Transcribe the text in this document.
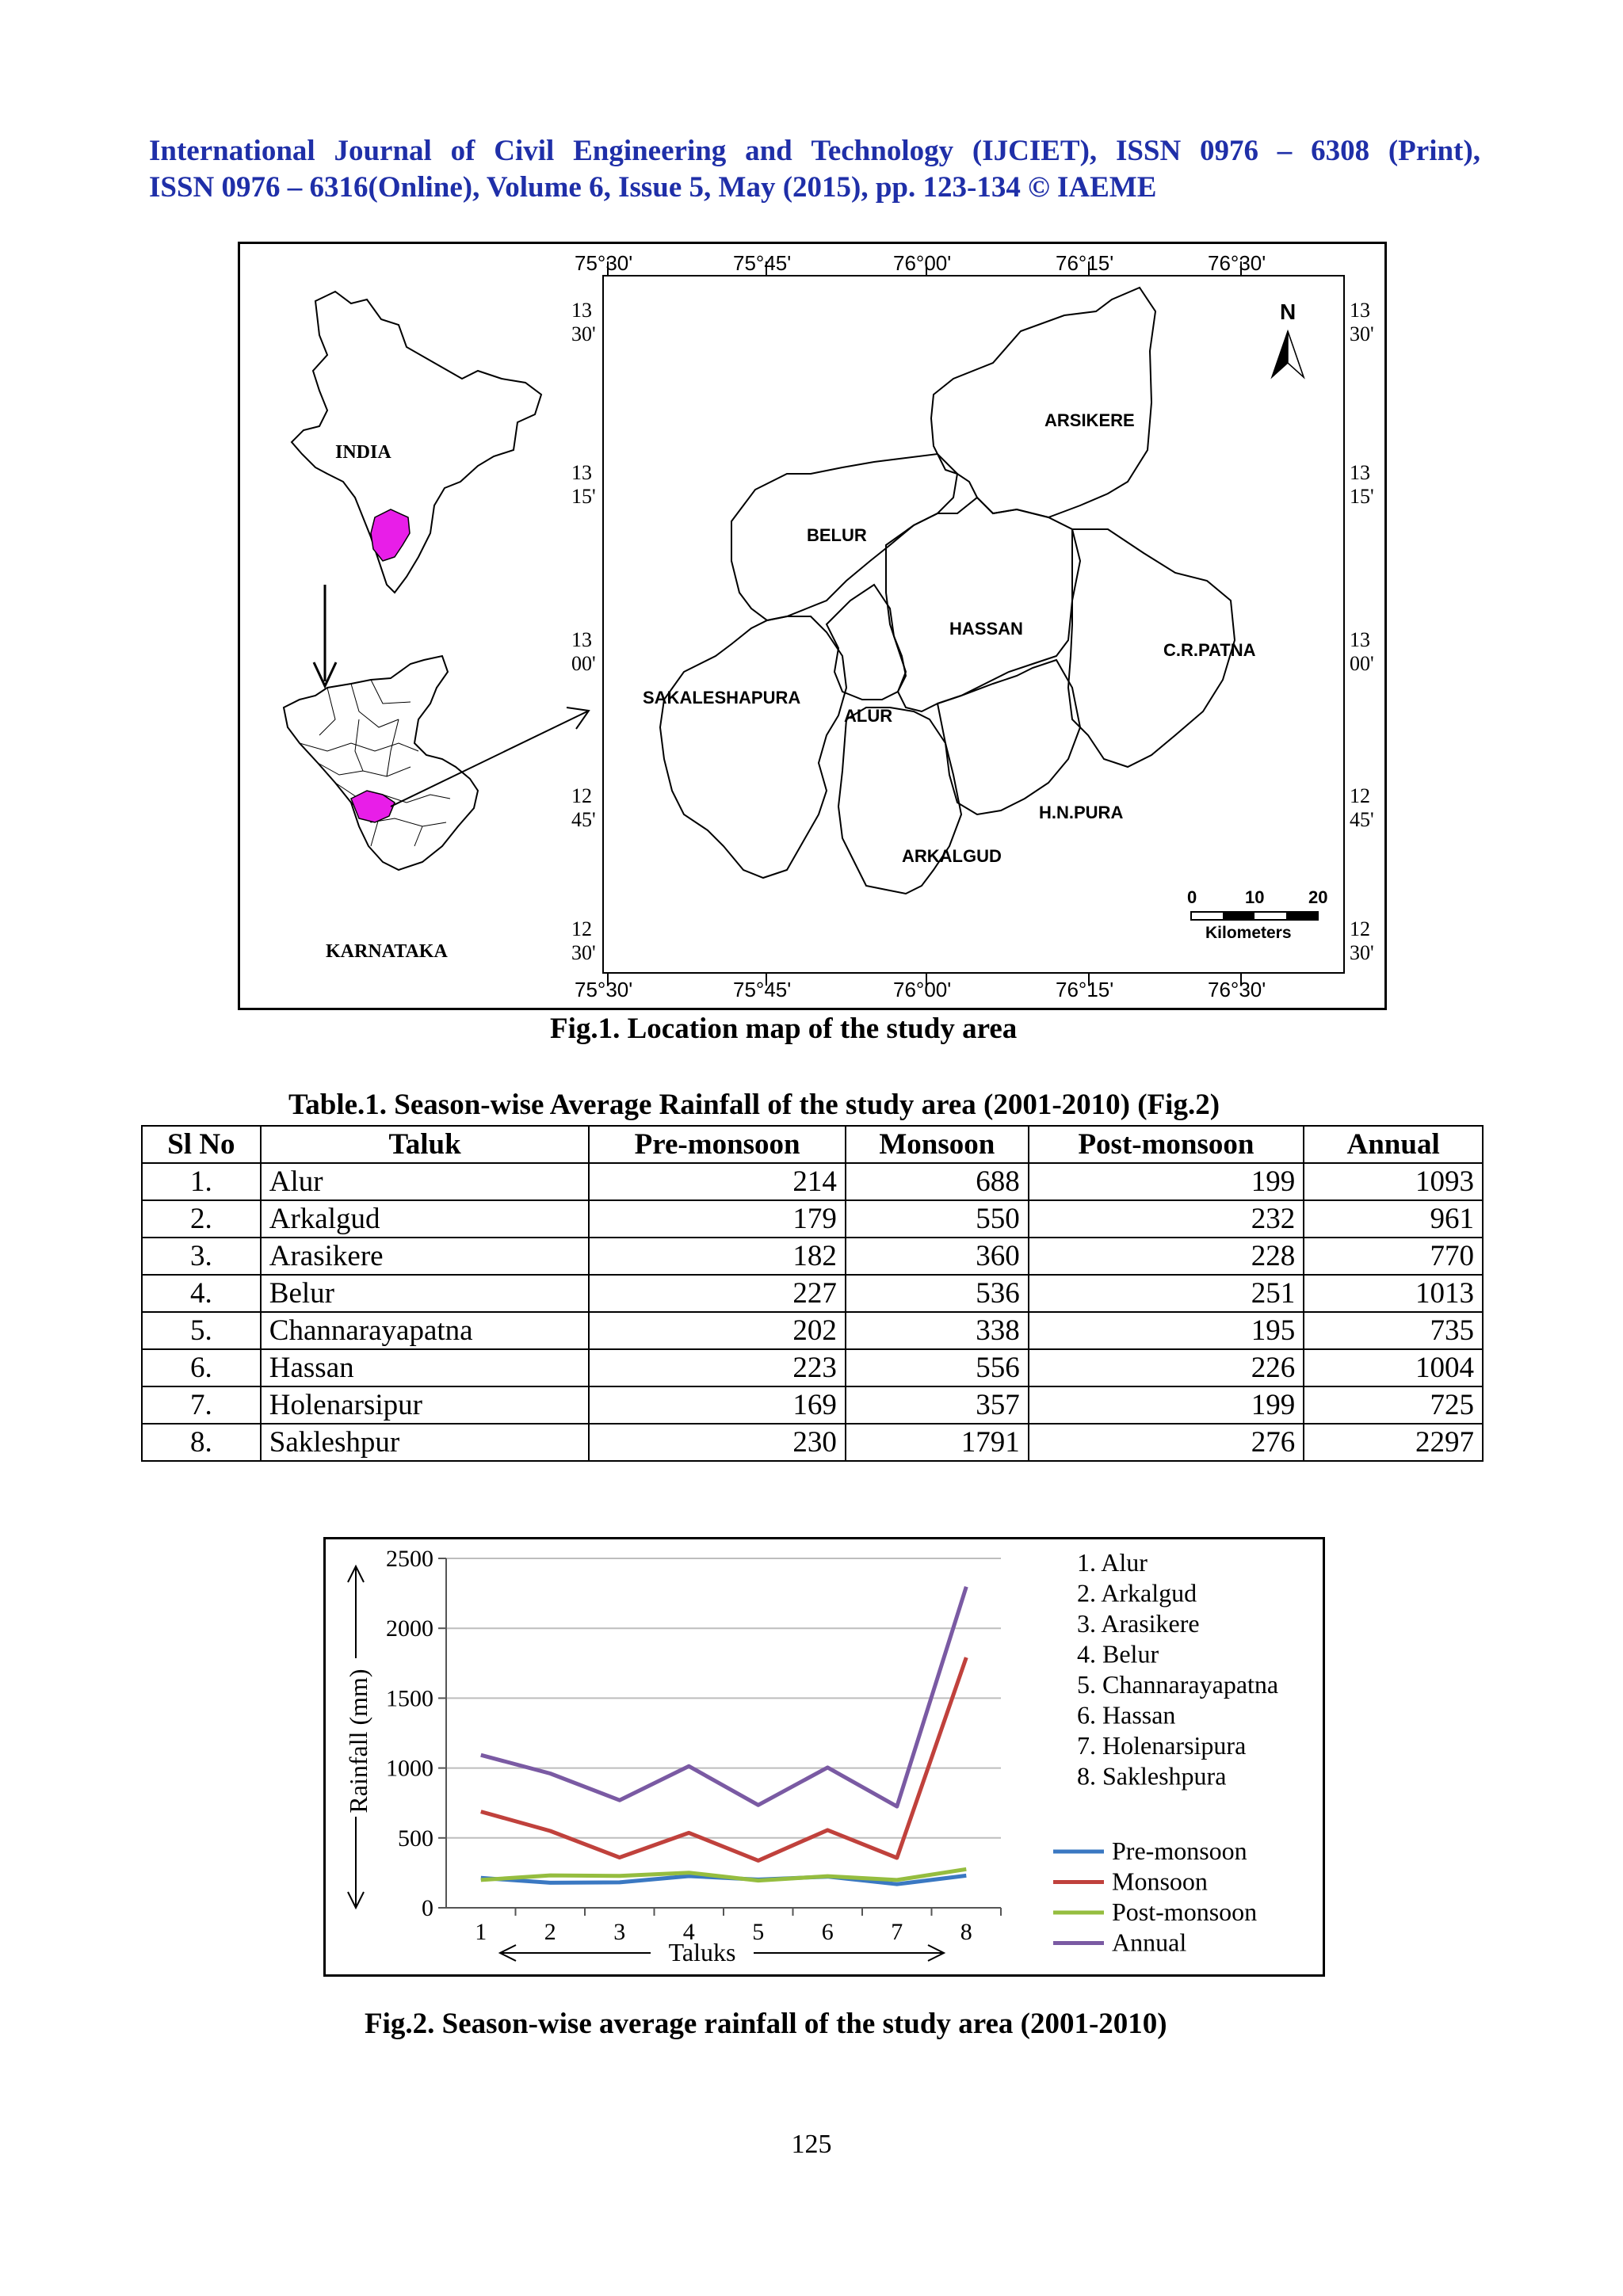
International Journal of Civil Engineering and Technology (IJCIET), ISSN 0976 – 6308 (Print),
ISSN 0976 – 6316(Online), Volume 6, Issue 5, May (2015), pp. 123-134 © IAEME
75°30'	75°45'	76°00'	76°15'	76°30'
75°30'	75°45'	76°00'	76°15'	76°30'
13
30'
13
15'
13
00'
12
45'
12
30'
13
30'
13
15'
13
00'
12
45'
12
30'
INDIA
KARNATAKA
ARSIKERE
BELUR
HASSAN
C.R.PATNA
SAKALESHAPURA
ALUR
H.N.PURA
ARKALGUD
N
0	10	20
Kilometers
Fig.1. Location map of the study area
Table.1. Season-wise Average Rainfall of the study area (2001-2010) (Fig.2)
Sl No	Taluk	Pre-monsoon	Monsoon	Post-monsoon	Annual
1.	Alur	214	688	199	1093
2.	Arkalgud	179	550	232	961
3.	Arasikere	182	360	228	770
4.	Belur	227	536	251	1013
5.	Channarayapatna	202	338	195	735
6.	Hassan	223	556	226	1004
7.	Holenarsipur	169	357	199	725
8.	Sakleshpur	230	1791	276	2297
0
500
1000
1500
2000
2500
1 2 3 4 5 6 7 8
Rainfall (mm)
Taluks
1. Alur
2. Arkalgud
3. Arasikere
4. Belur
5. Channarayapatna
6. Hassan
7. Holenarsipura
8. Sakleshpura
Pre-monsoon
Monsoon
Post-monsoon
Annual
Fig.2. Season-wise average rainfall of the study area (2001-2010)
125
